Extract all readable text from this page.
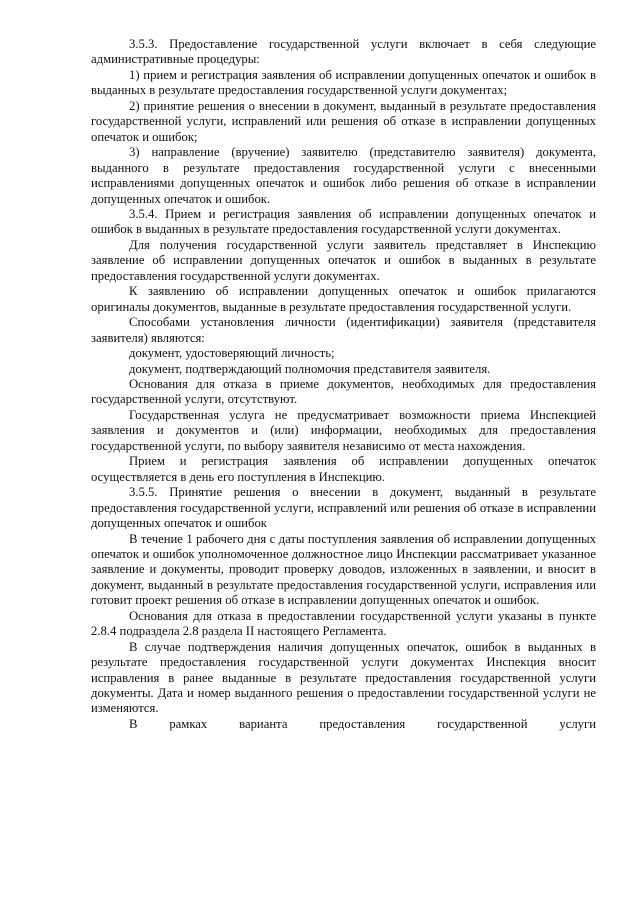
3.5.3. Предоставление государственной услуги включает в себя следующие административные процедуры:

1) прием и регистрация заявления об исправлении допущенных опечаток и ошибок в выданных в результате предоставления государственной услуги документах;

2) принятие решения о внесении в документ, выданный в результате предоставления государственной услуги, исправлений или решения об отказе в исправлении допущенных опечаток и ошибок;

3) направление (вручение) заявителю (представителю заявителя) документа, выданного в результате предоставления государственной услуги с внесенными исправлениями допущенных опечаток и ошибок либо решения об отказе в исправлении допущенных опечаток и ошибок.

3.5.4. Прием и регистрация заявления об исправлении допущенных опечаток и ошибок в выданных в результате предоставления государственной услуги документах.

Для получения государственной услуги заявитель представляет в Инспекцию заявление об исправлении допущенных опечаток и ошибок в выданных в результате предоставления государственной услуги документах.

К заявлению об исправлении допущенных опечаток и ошибок прилагаются оригиналы документов, выданные в результате предоставления государственной услуги.

Способами установления личности (идентификации) заявителя (представителя заявителя) являются:

документ, удостоверяющий личность;

документ, подтверждающий полномочия представителя заявителя.

Основания для отказа в приеме документов, необходимых для предоставления государственной услуги, отсутствуют.

Государственная услуга не предусматривает возможности приема Инспекцией заявления и документов и (или) информации, необходимых для предоставления государственной услуги, по выбору заявителя независимо от места нахождения.

Прием и регистрация заявления об исправлении допущенных опечаток осуществляется в день его поступления в Инспекцию.

3.5.5. Принятие решения о внесении в документ, выданный в результате предоставления государственной услуги, исправлений или решения об отказе в исправлении допущенных опечаток и ошибок

В течение 1 рабочего дня с даты поступления заявления об исправлении допущенных опечаток и ошибок уполномоченное должностное лицо Инспекции рассматривает указанное заявление и документы, проводит проверку доводов, изложенных в заявлении, и вносит в документ, выданный в результате предоставления государственной услуги, исправления или готовит проект решения об отказе в исправлении допущенных опечаток и ошибок.

Основания для отказа в предоставлении государственной услуги указаны в пункте 2.8.4 подраздела 2.8 раздела II настоящего Регламента.

В случае подтверждения наличия допущенных опечаток, ошибок в выданных в результате предоставления государственной услуги документах Инспекция вносит исправления в ранее выданные в результате предоставления государственной услуги документы. Дата и номер выданного решения о предоставлении государственной услуги не изменяются.

В рамках варианта предоставления государственной услуги
